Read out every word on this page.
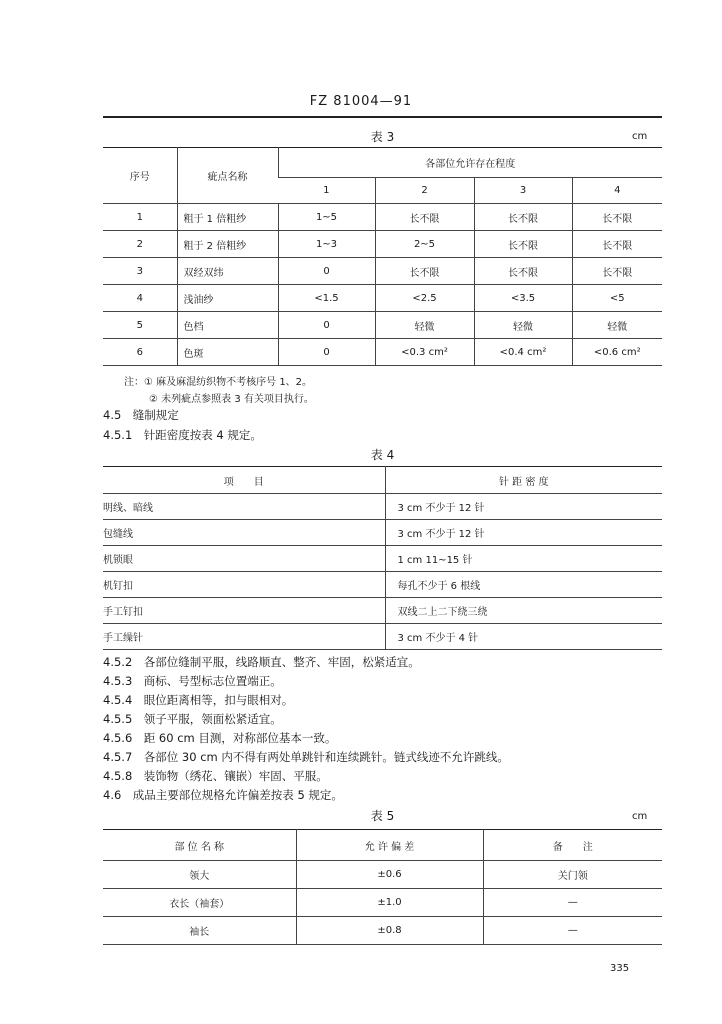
FZ 81004—91
表 3	cm
序号	疵点名称	各部位允许存在程度			
		1	2	3	4
1	粗于 1 倍粗纱	1~5	长不限	长不限	长不限
2	粗于 2 倍粗纱	1~3	2~5	长不限	长不限
3	双经双纬	0	长不限	长不限	长不限
4	浅油纱	<1.5	<2.5	<3.5	<5
5	色档	0	轻微	轻微	轻微
6	色斑	0	<0.3 cm²	<0.4 cm²	<0.6 cm²
注：① 麻及麻混纺织物不考核序号 1、2。
② 未列疵点参照表 3 有关项目执行。
4.5　缝制规定
4.5.1　针距密度按表 4 规定。
表 4
项　　目	针 距 密 度
明线、暗线	3 cm 不少于 12 针
包缝线	3 cm 不少于 12 针
机锁眼	1 cm 11~15 针
机钉扣	每孔不少于 6 根线
手工钉扣	双线二上二下绕三绕
手工缲针	3 cm 不少于 4 针
4.5.2　各部位缝制平服，线路顺直、整齐、牢固，松紧适宜。
4.5.3　商标、号型标志位置端正。
4.5.4　眼位距离相等，扣与眼相对。
4.5.5　领子平服，领面松紧适宜。
4.5.6　距 60 cm 目测，对称部位基本一致。
4.5.7　各部位 30 cm 内不得有两处单跳针和连续跳针。链式线迹不允许跳线。
4.5.8　装饰物（绣花、镶嵌）牢固、平服。
4.6　成品主要部位规格允许偏差按表 5 规定。
表 5	cm
部 位 名 称	允 许 偏 差	备　　注
领大	±0.6	关门领
衣长（袖套）	±1.0	—
袖长	±0.8	—
335
